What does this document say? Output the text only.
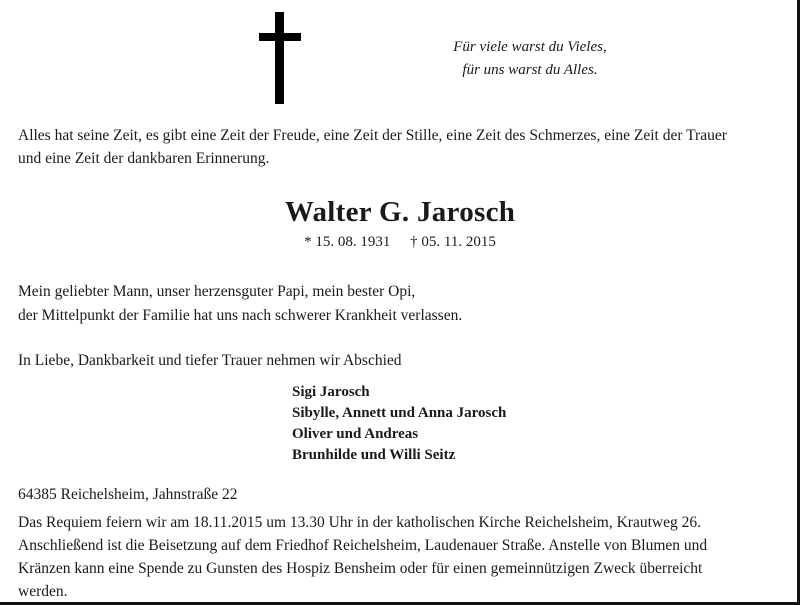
Für viele warst du Vieles,
für uns warst du Alles.
Alles hat seine Zeit, es gibt eine Zeit der Freude, eine Zeit der Stille, eine Zeit des Schmerzes, eine Zeit der Trauer
und eine Zeit der dankbaren Erinnerung.
Walter G. Jarosch
* 15. 08. 1931 † 05. 11. 2015
Mein geliebter Mann, unser herzensguter Papi, mein bester Opi,
der Mittelpunkt der Familie hat uns nach schwerer Krankheit verlassen.
In Liebe, Dankbarkeit und tiefer Trauer nehmen wir Abschied
Sigi Jarosch
Sibylle, Annett und Anna Jarosch
Oliver und Andreas
Brunhilde und Willi Seitz
64385 Reichelsheim, Jahnstraße 22
Das Requiem feiern wir am 18.11.2015 um 13.30 Uhr in der katholischen Kirche Reichelsheim, Krautweg 26.
Anschließend ist die Beisetzung auf dem Friedhof Reichelsheim, Laudenauer Straße. Anstelle von Blumen und
Kränzen kann eine Spende zu Gunsten des Hospiz Bensheim oder für einen gemeinnützigen Zweck überreicht
werden.
